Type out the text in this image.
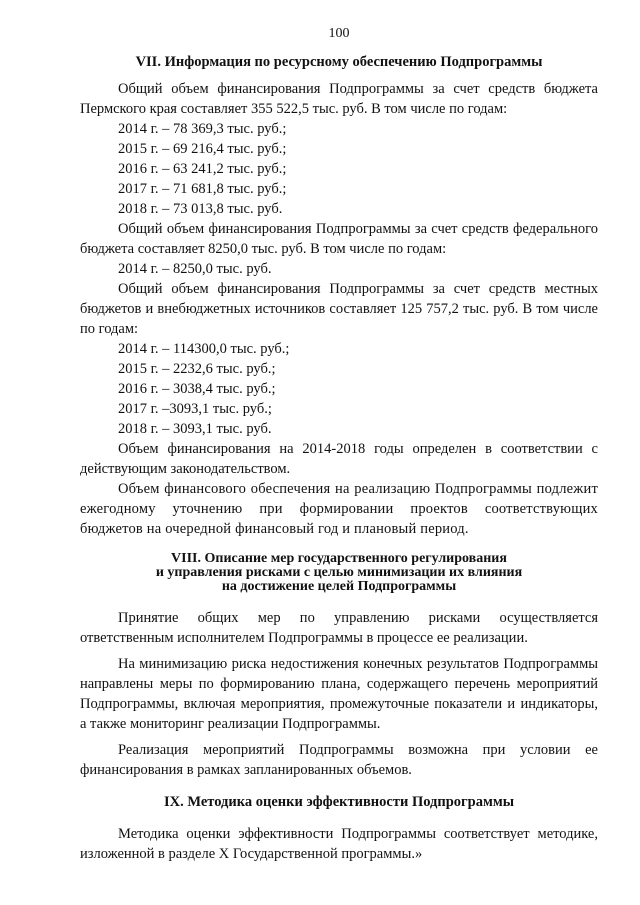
100
VII. Информация по ресурсному обеспечению Подпрограммы

Общий объем финансирования Подпрограммы за счет средств бюджета Пермского края составляет 355 522,5 тыс. руб. В том числе по годам:

2014 г. – 78 369,3 тыс. руб.;
2015 г. – 69 216,4 тыс. руб.;
2016 г. – 63 241,2 тыс. руб.;
2017 г. – 71 681,8 тыс. руб.;
2018 г. – 73 013,8 тыс. руб.

Общий объем финансирования Подпрограммы за счет средств федерального бюджета составляет 8250,0 тыс. руб. В том числе по годам:

2014 г. – 8250,0 тыс. руб.

Общий объем финансирования Подпрограммы за счет средств местных бюджетов и внебюджетных источников составляет 125 757,2 тыс. руб. В том числе по годам:

2014 г. – 114300,0 тыс. руб.;
2015 г. – 2232,6 тыс. руб.;
2016 г. – 3038,4 тыс. руб.;
2017 г. –3093,1 тыс. руб.;
2018 г. – 3093,1 тыс. руб.

Объем финансирования на 2014-2018 годы определен в соответствии с действующим законодательством.

Объем финансового обеспечения на реализацию Подпрограммы подлежит ежегодному уточнению при формировании проектов соответствующих бюджетов на очередной финансовый год и плановый период.

VIII. Описание мер государственного регулирования
и управления рисками с целью минимизации их влияния
на достижение целей Подпрограммы

Принятие общих мер по управлению рисками осуществляется ответственным исполнителем Подпрограммы в процессе ее реализации.

На минимизацию риска недостижения конечных результатов Подпрограммы направлены меры по формированию плана, содержащего перечень мероприятий Подпрограммы, включая мероприятия, промежуточные показатели и индикаторы, а также мониторинг реализации Подпрограммы.

Реализация мероприятий Подпрограммы возможна при условии ее финансирования в рамках запланированных объемов.

IX. Методика оценки эффективности Подпрограммы

Методика оценки эффективности Подпрограммы соответствует методике, изложенной в разделе X Государственной программы.»
